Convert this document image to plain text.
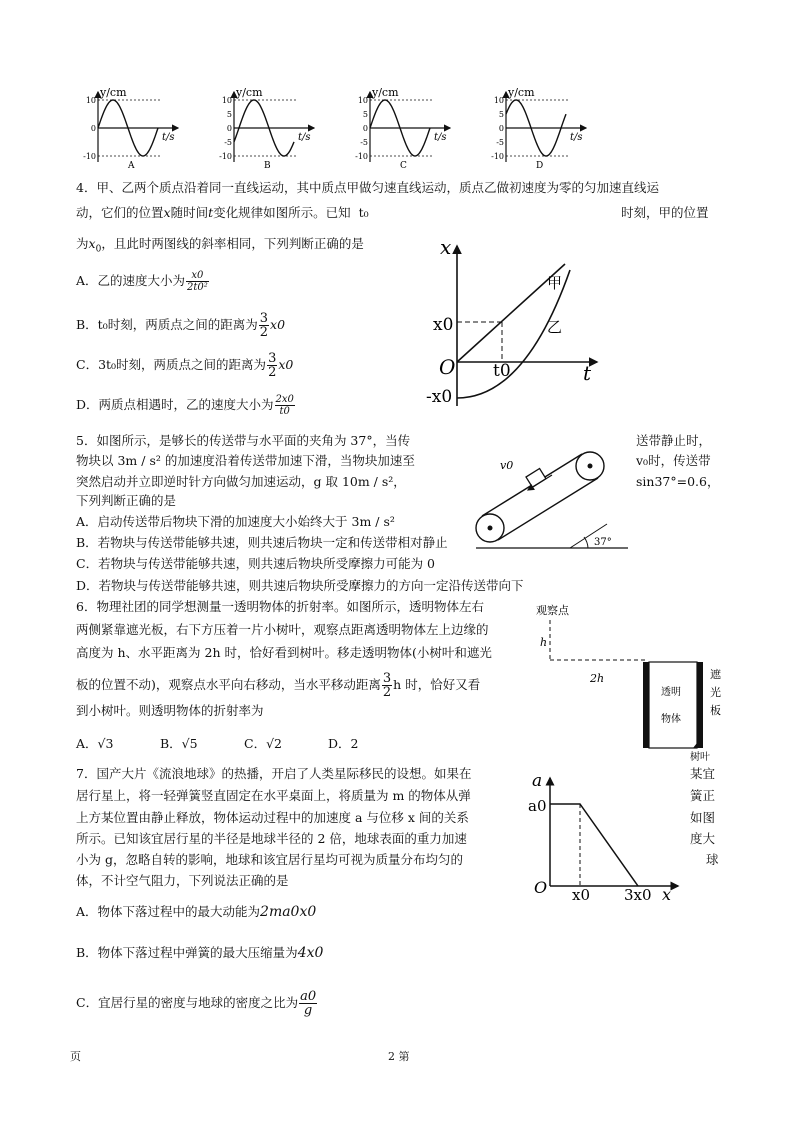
y/cm
t/s
10
0
-10
A
y/cm
t/s
10
5
0
-5
-10
B
y/cm
t/s
10
5
0
-5
-10
C
y/cm
t/s
10
5
0
-5
-10
D
4．甲、乙两个质点沿着同一直线运动，其中质点甲做匀速直线运动，质点乙做初速度为零的匀加速直线运
动，它们的位置x随时间t变化规律如图所示。已知 t₀	时刻，甲的位置
为$x_0$，且此时两图线的斜率相同，下列判断正确的是
A．乙的速度大小为 $\frac{x0}{\text{2t0²}}$
B．t₀时刻，两质点之间的距离为 $\frac{3}{2} x0$
C．3t₀时刻，两质点之间的距离为 $\frac{3}{2} x0$
D．两质点相遇时，乙的速度大小为 $\frac{2x0}{t0}$
x
t
O
x0
-x0
t0
甲
乙
5．如图所示，是够长的传送带与水平面的夹角为 37°，当传	送带静止时，
物块以 3m / s² 的加速度沿着传送带加速下滑，当物块加速至	v₀时，传送带
突然启动并立即逆时针方向做匀加速运动，g 取 10m / s²，	sin37°=0.6，
下列判断正确的是
A．启动传送带后物块下滑的加速度大小始终大于 3m / s²
B．若物块与传送带能够共速，则共速后物块一定和传送带相对静止
C．若物块与传送带能够共速，则共速后物块所受摩擦力可能为 0
D．若物块与传送带能够共速，则共速后物块所受摩擦力的方向一定沿传送带向下
v0
37°
6．物理社团的同学想测量一透明物体的折射率。如图所示，透明物体左右
两侧紧靠遮光板，右下方压着一片小树叶，观察点距离透明物体左上边缘的
高度为 h、水平距离为 2h 时，恰好看到树叶。移走透明物体(小树叶和遮光
板的位置不动)，观察点水平向右移动，当水平移动距离 $\frac{3}{2}$ h 时，恰好又看
到小树叶。则透明物体的折射率为
A．√3	B．√5	C．√2	D．2
观察点
h
2h
透明
物体
遮
光
板
树叶
7．国产大片《流浪地球》的热播，开启了人类星际移民的设想。如果在	某宜
居行星上，将一轻弹簧竖直固定在水平桌面上，将质量为 m 的物体从弹	簧正
上方某位置由静止释放，物体运动过程中的加速度 a 与位移 x 间的关系	如图
所示。已知该宜居行星的半径是地球半径的 2 倍，地球表面的重力加速	度大
小为 g，忽略自转的影响，地球和该宜居行星均可视为质量分布均匀的	球
体，不计空气阻力，下列说法正确的是
A．物体下落过程中的最大动能为2ma0x0
B．物体下落过程中弹簧的最大压缩量为4x0
C．宜居行星的密度与地球的密度之比为 $\frac{a0}{g}$
a
a0
O x0 3x0 x
页	2 第
